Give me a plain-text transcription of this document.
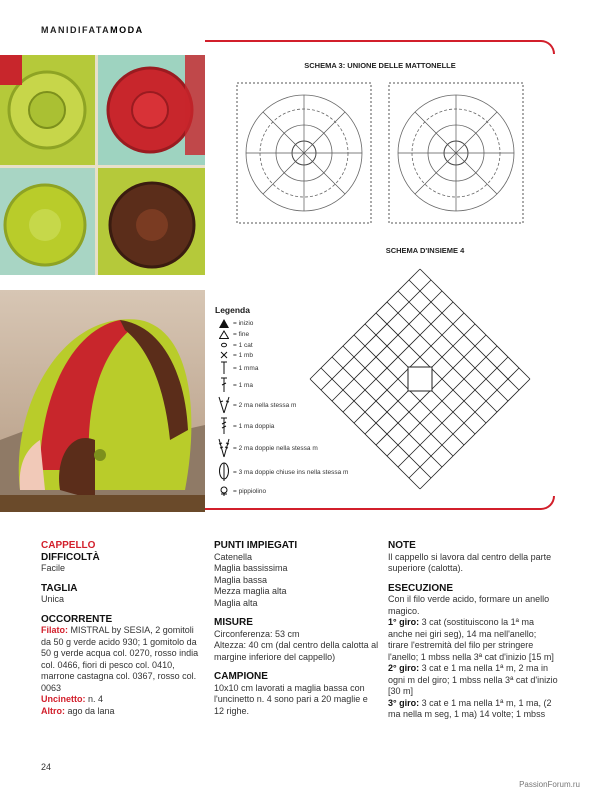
MANIDIFATAMODA
SCHEMA 3: UNIONE DELLE MATTONELLE
SCHEMA D'INSIEME 4
Legenda
= inizio
= fine
= 1 cat
= 1 mb
= 1 mma
= 1 ma
= 2 ma nella stessa m
= 1 ma doppia
= 2 ma doppie nella stessa m
= 3 ma doppie chiuse ins nella stessa m
= pippiolino
CAPPELLO
DIFFICOLTÀ
Facile
TAGLIA
Unica
OCCORRENTE
Filato: MISTRAL by SESIA, 2 gomitoli da 50 g verde acido 930; 1 gomitolo da 50 g verde acqua col. 0270, rosso india col. 0466, fiori di pesco col. 0410, marrone castagna col. 0367, rosso col. 0063
Uncinetto: n. 4
Altro: ago da lana
PUNTI IMPIEGATI
Catenella
Maglia bassissima
Maglia bassa
Mezza maglia alta
Maglia alta
MISURE
Circonferenza: 53 cm
Altezza: 40 cm (dal centro della calotta al margine inferiore del cappello)
CAMPIONE
10x10 cm lavorati a maglia bassa con l'uncinetto n. 4 sono pari a 20 maglie e 12 righe.
NOTE
Il cappello si lavora dal centro della parte superiore (calotta).
ESECUZIONE
Con il filo verde acido, formare un anello magico.
1° giro: 3 cat (sostituiscono la 1ª ma anche nei giri seg), 14 ma nell'anello; tirare l'estremità del filo per stringere l'anello; 1 mbss nella 3ª cat d'inizio [15 m]
2° giro: 3 cat e 1 ma nella 1ª m, 2 ma in ogni m del giro; 1 mbss nella 3ª cat d'inizio [30 m]
3° giro: 3 cat e 1 ma nella 1ª m, 1 ma, (2 ma nella m seg, 1 ma) 14 volte; 1 mbss
24
PassionForum.ru
